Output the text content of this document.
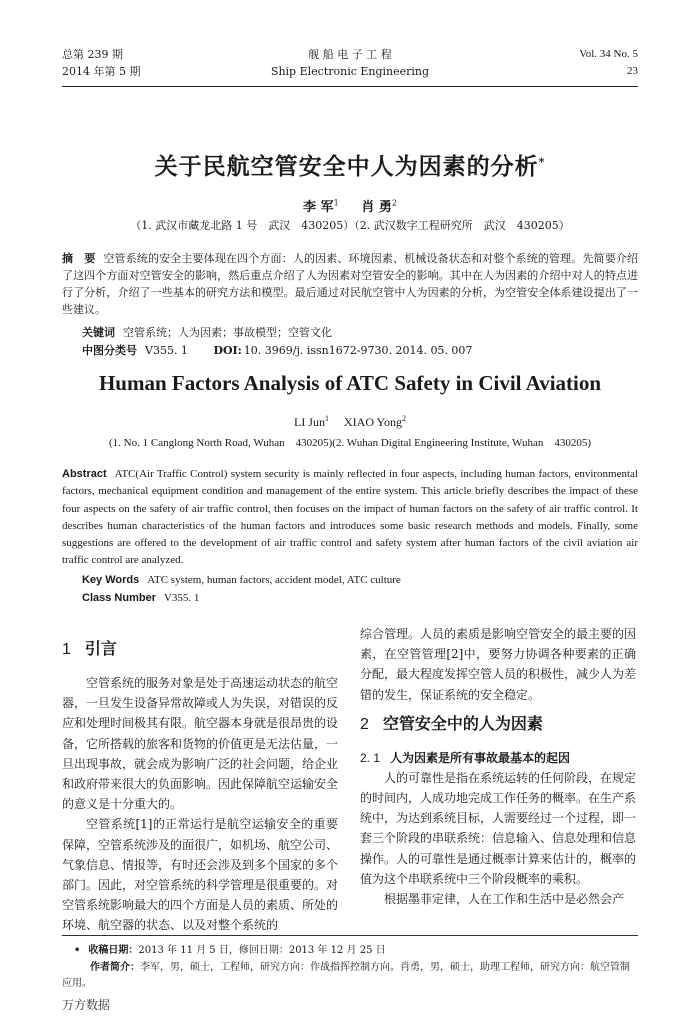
总第 239 期
2014 年第 5 期
舰 船 电 子 工 程
Ship Electronic Engineering
Vol. 34 No. 5
23
关于民航空管安全中人为因素的分析*
李 军$^1$ 肖 勇$^2$
（1. 武汉市藏龙北路 1 号　武汉　430205）（2. 武汉数字工程研究所　武汉　430205）
摘　要 空管系统的安全主要体现在四个方面：人的因素、环境因素、机械设备状态和对整个系统的管理。先简要介绍了这四个方面对空管安全的影响，然后重点介绍了人为因素对空管安全的影响。其中在人为因素的介绍中对人的特点进行了分析，介绍了一些基本的研究方法和模型。最后通过对民航空管中人为因素的分析，为空管安全体系建设提出了一些建议。
关键词 空管系统；人为因素；事故模型；空管文化
中图分类号 V355. 1 DOI: 10. 3969/j. issn1672-9730. 2014. 05. 007
Human Factors Analysis of ATC Safety in Civil Aviation
LI Jun$^1$ XIAO Yong$^2$
(1. No. 1 Canglong North Road, Wuhan　430205)(2. Wuhan Digital Engineering Institute, Wuhan　430205)
Abstract ATC(Air Traffic Control) system security is mainly reflected in four aspects, including human factors, environmental factors, mechanical equipment condition and management of the entire system. This article briefly describes the impact of these four aspects on the safety of air traffic control, then focuses on the impact of human factors on the safety of air traffic control. It describes human characteristics of the human factors and introduces some basic research methods and models. Finally, some suggestions are offered to the development of air traffic control and safety system after human factors of the civil aviation air traffic control are analyzed.
Key Words ATC system, human factors, accident model, ATC culture
Class Number V355. 1
1 引言

空管系统的服务对象是处于高速运动状态的航空器，一旦发生设备异常故障或人为失误，对错误的反应和处理时间极其有限。航空器本身就是很昂贵的设备，它所搭载的旅客和货物的价值更是无法估量，一旦出现事故，就会成为影响广泛的社会问题，给企业和政府带来很大的负面影响。因此保障航空运输安全的意义是十分重大的。

空管系统[1]的正常运行是航空运输安全的重要保障，空管系统涉及的面很广，如机场、航空公司、气象信息、情报等，有时还会涉及到多个国家的多个部门。因此，对空管系统的科学管理是很重要的。对空管系统影响最大的四个方面是人员的素质、所处的环境、航空器的状态、以及对整个系统的

综合管理。人员的素质是影响空管安全的最主要的因素，在空管管理[2]中，要努力协调各种要素的正确分配，最大程度发挥空管人员的积极性，减少人为差错的发生，保证系统的安全稳定。

2 空管安全中的人为因素
2. 1 人为因素是所有事故最基本的起因

人的可靠性是指在系统运转的任何阶段，在规定的时间内，人成功地完成工作任务的概率。在生产系统中，为达到系统目标，人需要经过一个过程，即一套三个阶段的串联系统：信息输入、信息处理和信息操作。人的可靠性是通过概率计算来估计的，概率的值为这个串联系统中三个阶段概率的乘积。

根据墨菲定律，人在工作和生活中是必然会产

• 收稿日期：2013 年 11 月 5 日，修回日期：2013 年 12 月 25 日
作者简介：李军，男，硕士，工程师，研究方向：作战指挥控制方向。肖勇，男，硕士，助理工程师，研究方向：航空管制应用。
万方数据
